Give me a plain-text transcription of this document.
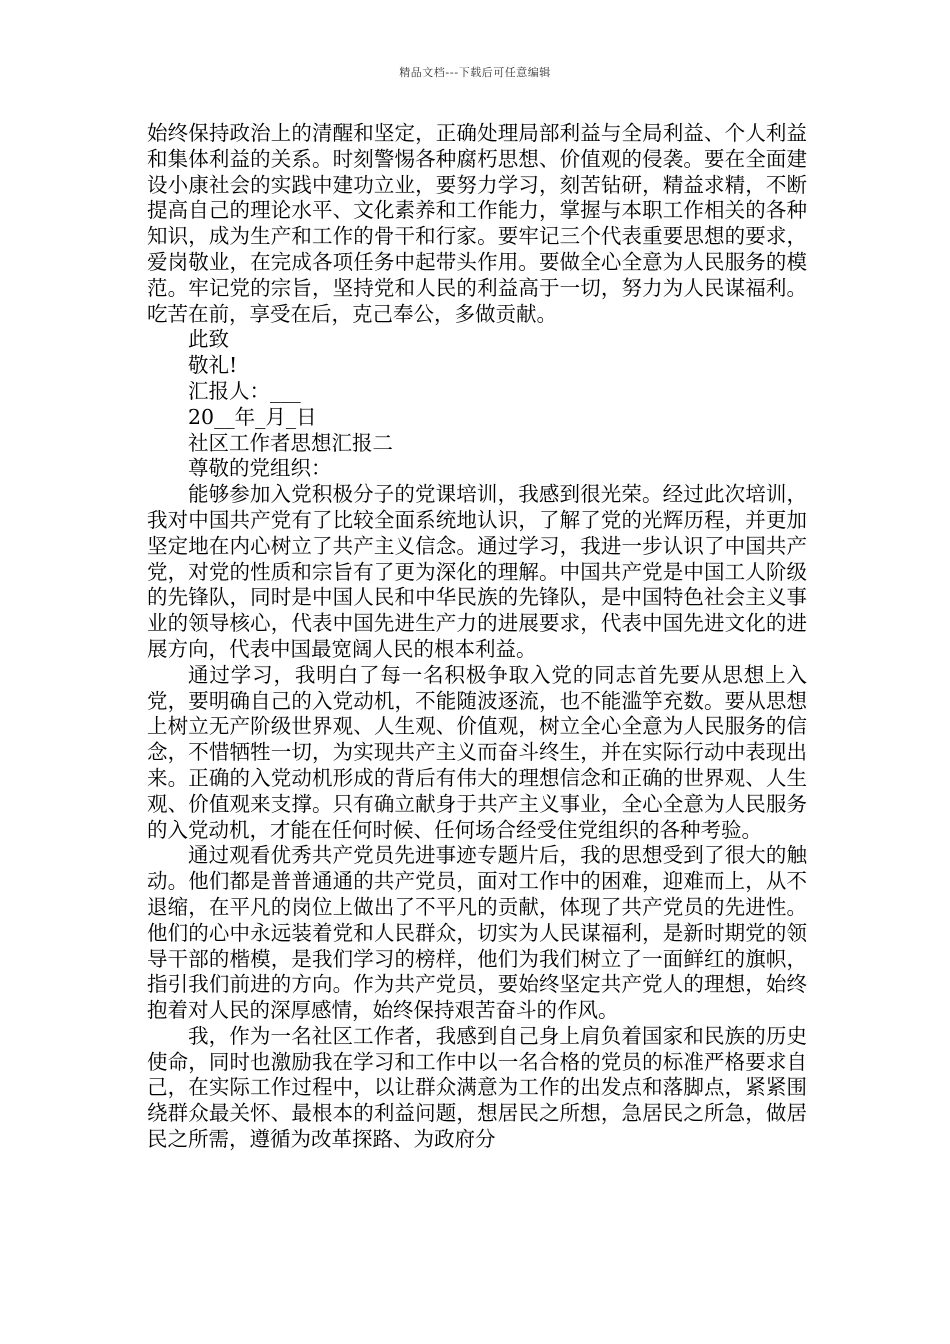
精品文档---下载后可任意编辑

始终保持政治上的清醒和坚定，正确处理局部利益与全局利益、个人利益和集体利益的关系。时刻警惕各种腐朽思想、价值观的侵袭。要在全面建设小康社会的实践中建功立业，要努力学习，刻苦钻研，精益求精，不断提高自己的理论水平、文化素养和工作能力，掌握与本职工作相关的各种知识，成为生产和工作的骨干和行家。要牢记三个代表重要思想的要求，爱岗敬业，在完成各项任务中起带头作用。要做全心全意为人民服务的模范。牢记党的宗旨，坚持党和人民的利益高于一切，努力为人民谋福利。吃苦在前，享受在后，克己奉公，多做贡献。

此致

敬礼!

汇报人：___

20__年_月_日

社区工作者思想汇报二

尊敬的党组织：

能够参加入党积极分子的党课培训，我感到很光荣。经过此次培训，我对中国共产党有了比较全面系统地认识，了解了党的光辉历程，并更加坚定地在内心树立了共产主义信念。通过学习，我进一步认识了中国共产党，对党的性质和宗旨有了更为深化的理解。中国共产党是中国工人阶级的先锋队，同时是中国人民和中华民族的先锋队，是中国特色社会主义事业的领导核心，代表中国先进生产力的进展要求，代表中国先进文化的进展方向，代表中国最宽阔人民的根本利益。

通过学习，我明白了每一名积极争取入党的同志首先要从思想上入党，要明确自己的入党动机，不能随波逐流，也不能滥竽充数。要从思想上树立无产阶级世界观、人生观、价值观，树立全心全意为人民服务的信念，不惜牺牲一切，为实现共产主义而奋斗终生，并在实际行动中表现出来。正确的入党动机形成的背后有伟大的理想信念和正确的世界观、人生观、价值观来支撑。只有确立献身于共产主义事业，全心全意为人民服务的入党动机，才能在任何时候、任何场合经受住党组织的各种考验。

通过观看优秀共产党员先进事迹专题片后，我的思想受到了很大的触动。他们都是普普通通的共产党员，面对工作中的困难，迎难而上，从不退缩，在平凡的岗位上做出了不平凡的贡献，体现了共产党员的先进性。他们的心中永远装着党和人民群众，切实为人民谋福利，是新时期党的领导干部的楷模，是我们学习的榜样，他们为我们树立了一面鲜红的旗帜，指引我们前进的方向。作为共产党员，要始终坚定共产党人的理想，始终抱着对人民的深厚感情，始终保持艰苦奋斗的作风。

我，作为一名社区工作者，我感到自己身上肩负着国家和民族的历史使命，同时也激励我在学习和工作中以一名合格的党员的标准严格要求自己，在实际工作过程中，以让群众满意为工作的出发点和落脚点，紧紧围绕群众最关怀、最根本的利益问题，想居民之所想，急居民之所急，做居民之所需，遵循为改革探路、为政府分
